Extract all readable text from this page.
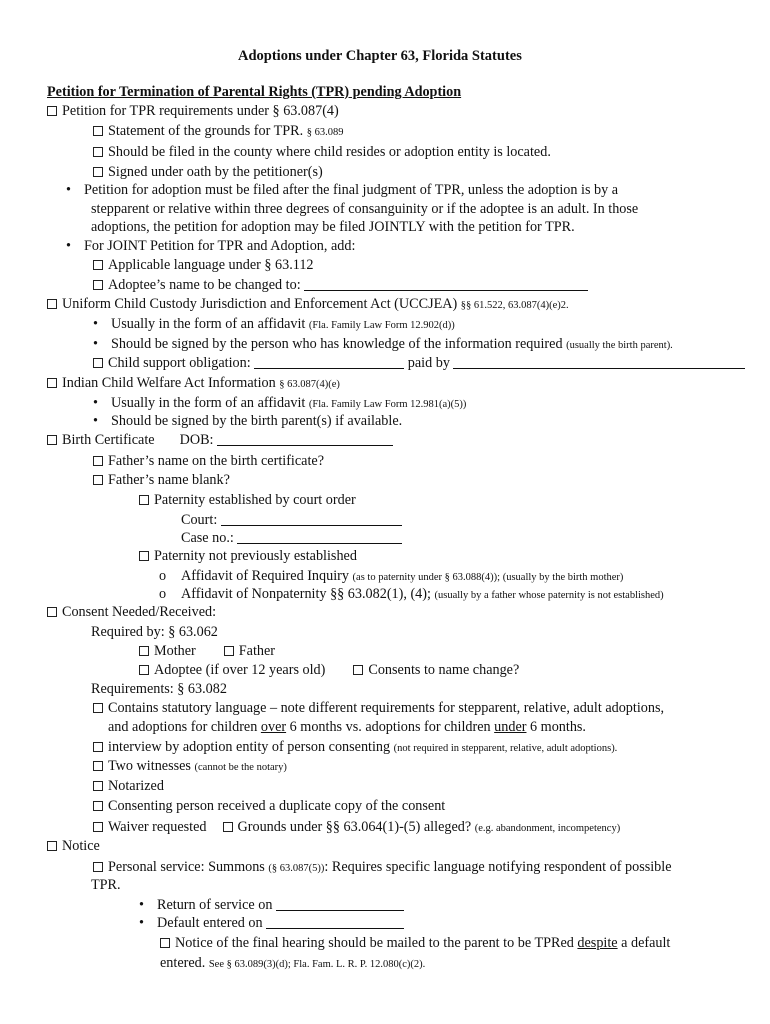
Adoptions under Chapter 63, Florida Statutes
Petition for Termination of Parental Rights (TPR) pending Adoption
Petition for TPR requirements under § 63.087(4)
Statement of the grounds for TPR. § 63.089
Should be filed in the county where child resides or adoption entity is located.
Signed under oath by the petitioner(s)
• Petition for adoption must be filed after the final judgment of TPR, unless the adoption is by a
stepparent or relative within three degrees of consanguinity or if the adoptee is an adult. In those
adoptions, the petition for adoption may be filed JOINTLY with the petition for TPR.
• For JOINT Petition for TPR and Adoption, add:
Applicable language under § 63.112
Adoptee’s name to be changed to:
Uniform Child Custody Jurisdiction and Enforcement Act (UCCJEA) §§ 61.522, 63.087(4)(e)2.
• Usually in the form of an affidavit (Fla. Family Law Form 12.902(d))
• Should be signed by the person who has knowledge of the information required (usually the birth parent).
Child support obligation:	paid by
Indian Child Welfare Act Information § 63.087(4)(e)
• Usually in the form of an affidavit (Fla. Family Law Form 12.981(a)(5))
• Should be signed by the birth parent(s) if available.
Birth Certificate DOB:
Father’s name on the birth certificate?
Father’s name blank?
Paternity established by court order
Court:
Case no.:
Paternity not previously established
o Affidavit of Required Inquiry (as to paternity under § 63.088(4)); (usually by the birth mother)
o Affidavit of Nonpaternity §§ 63.082(1), (4); (usually by a father whose paternity is not established)
Consent Needed/Received:
Required by: § 63.062
Mother	Father
Adoptee (if over 12 years old)	Consents to name change?
Requirements: § 63.082
Contains statutory language – note different requirements for stepparent, relative, adult adoptions,
and adoptions for children over 6 months vs. adoptions for children under 6 months.
interview by adoption entity of person consenting (not required in stepparent, relative, adult adoptions).
Two witnesses (cannot be the notary)
Notarized
Consenting person received a duplicate copy of the consent
Waiver requested Grounds under §§ 63.064(1)-(5) alleged? (e.g. abandonment, incompetency)
Notice
Personal service: Summons (§ 63.087(5)): Requires specific language notifying respondent of possible
TPR.
• Return of service on
• Default entered on
Notice of the final hearing should be mailed to the parent to be TPRed despite a default
entered. See § 63.089(3)(d); Fla. Fam. L. R. P. 12.080(c)(2).
